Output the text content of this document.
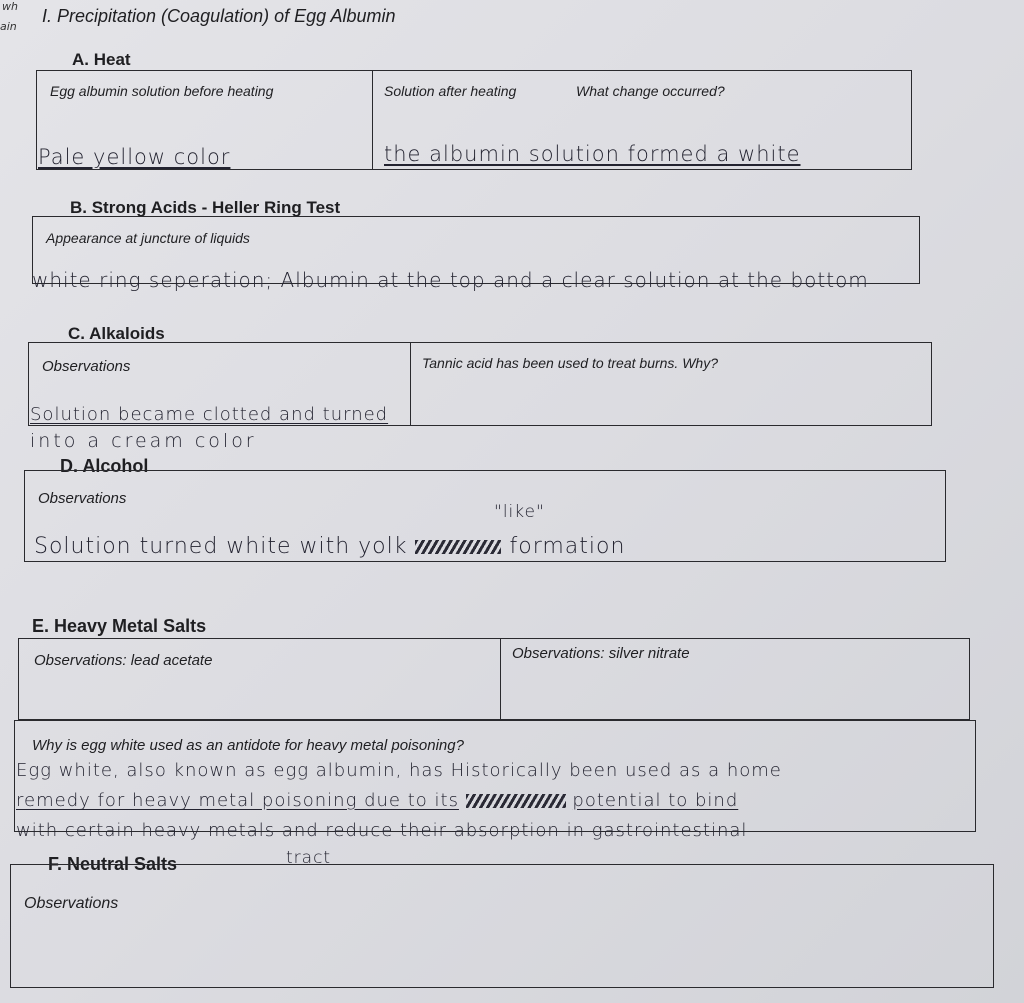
wh
ain
I. Precipitation (Coagulation) of Egg Albumin
A. Heat
Egg albumin solution before heating	Solution after heating	What change occurred?
Pale yellow color	the albumin solution formed a white
B. Strong Acids - Heller Ring Test
Appearance at juncture of liquids
white ring seperation; Albumin at the top and a clear solution at the bottom
C. Alkaloids
Observations	Tannic acid has been used to treat burns. Why?
Solution became clotted and turned
into a cream color
D. Alcohol
Observations
"like"
Solution turned white with yolk	formation
E. Heavy Metal Salts
Observations: lead acetate	Observations: silver nitrate
Why is egg white used as an antidote for heavy metal poisoning?
Egg white, also known as egg albumin, has Historically been used as a home
remedy for heavy metal poisoning due to its	potential to bind
with certain heavy metals and reduce their absorption in gastrointestinal
tract
F. Neutral Salts
Observations
